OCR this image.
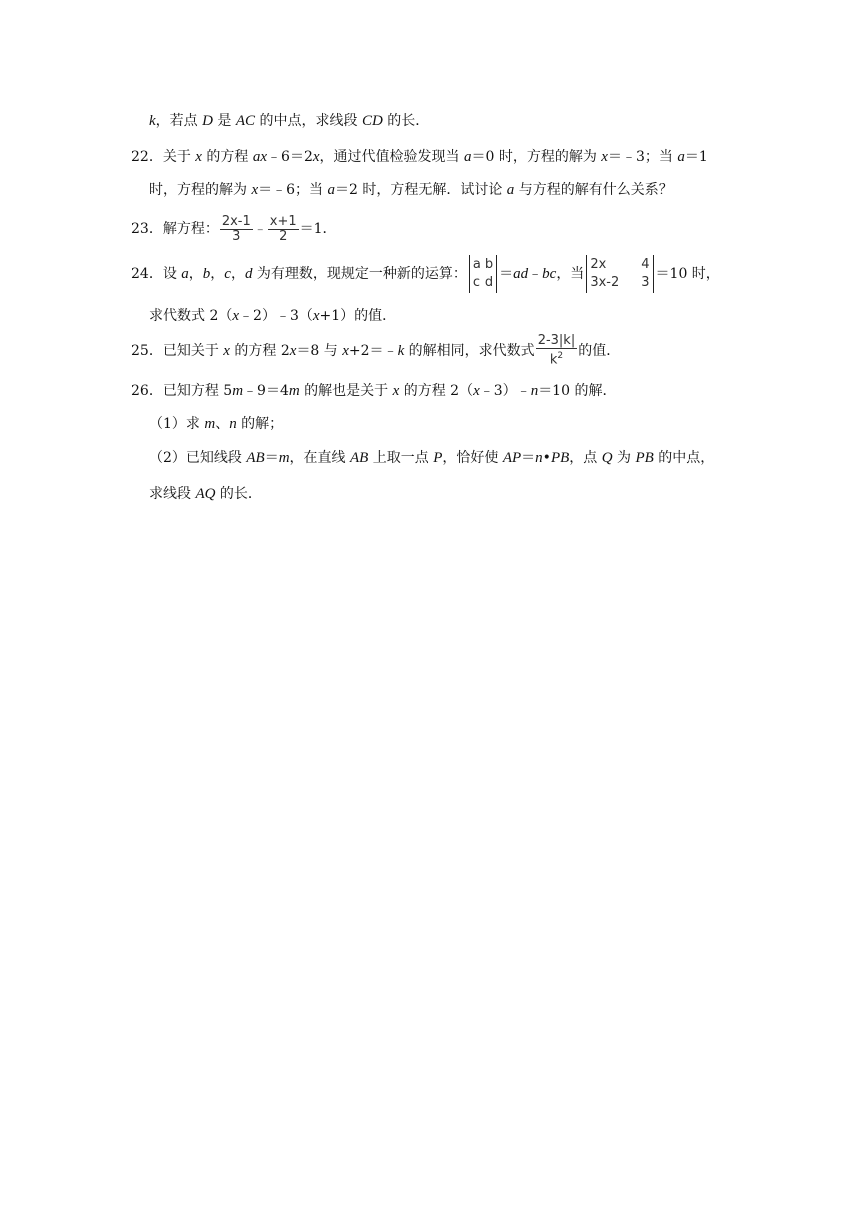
k，若点 D 是 AC 的中点，求线段 CD 的长．
22．关于 x 的方程 ax﹣6＝2x，通过代值检验发现当 a＝0 时，方程的解为 x＝﹣3；当 a＝1
时，方程的解为 x＝﹣6；当 a＝2 时，方程无解．试讨论 a 与方程的解有什么关系？
23．解方程： $\frac{2x-1}{3}$ ﹣ $\frac{x+1}{2} =1$．
24．设 a，b，c，d 为有理数，现规定一种新的运算：
a b
c d
＝ad﹣bc，当
2x	4
3x-2 3
＝10 时，
求代数式 2（x﹣2）﹣3（x+1）的值．
25．已知关于 x 的方程 2x＝8 与 x+2＝﹣k 的解相同，求代数式 $\frac{2-3|k|}{k^2}$ 的值．
26．已知方程 5m﹣9＝4m 的解也是关于 x 的方程 2（x﹣3）﹣n＝10 的解．
（1）求 m、n 的解；
（2）已知线段 AB＝m，在直线 AB 上取一点 P，恰好使 AP＝n•PB，点 Q 为 PB 的中点，
求线段 AQ 的长．
